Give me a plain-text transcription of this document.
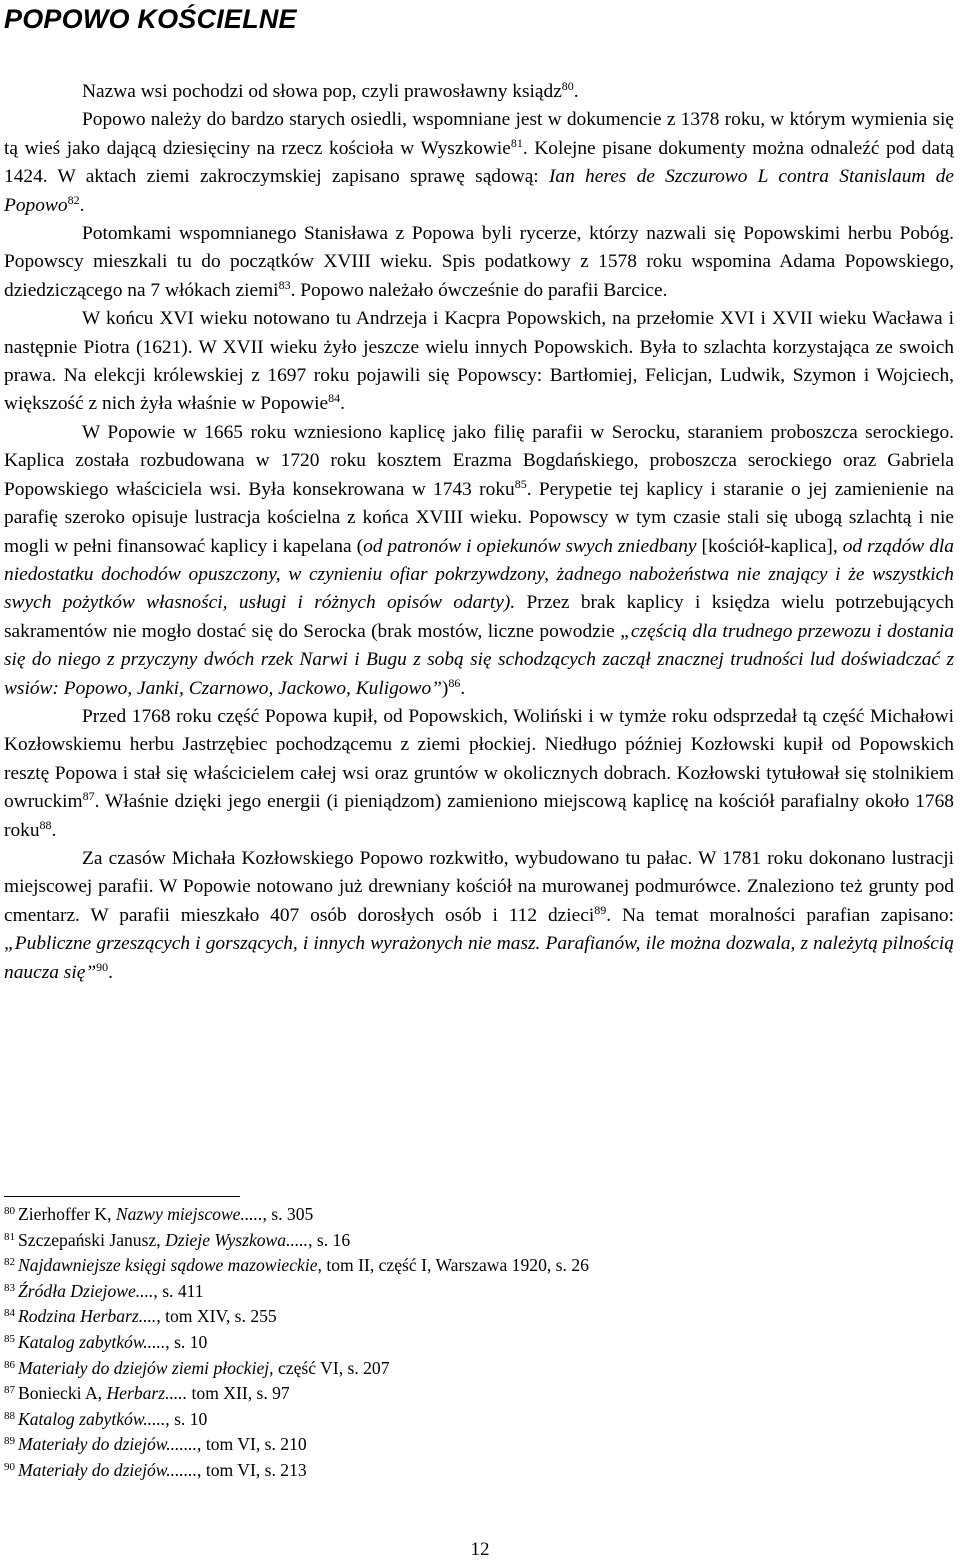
POPOWO KOŚCIELNE

Nazwa wsi pochodzi od słowa pop, czyli prawosławny ksiądz$^{80}$.

Popowo należy do bardzo starych osiedli, wspomniane jest w dokumencie z 1378 roku, w którym wymienia się tą wieś jako dającą dziesięciny na rzecz kościoła w Wyszkowie$^{81}$. Kolejne pisane dokumenty można odnaleźć pod datą 1424. W aktach ziemi zakroczymskiej zapisano sprawę sądową: Ian heres de Szczurowo L contra Stanislaum de Popowo$^{82}$.

Potomkami wspomnianego Stanisława z Popowa byli rycerze, którzy nazwali się Popowskimi herbu Pobóg. Popowscy mieszkali tu do początków XVIII wieku. Spis podatkowy z 1578 roku wspomina Adama Popowskiego, dziedziczącego na 7 włókach ziemi$^{83}$. Popowo należało ówcześnie do parafii Barcice.

W końcu XVI wieku notowano tu Andrzeja i Kacpra Popowskich, na przełomie XVI i XVII wieku Wacława i następnie Piotra (1621). W XVII wieku żyło jeszcze wielu innych Popowskich. Była to szlachta korzystająca ze swoich prawa. Na elekcji królewskiej z 1697 roku pojawili się Popowscy: Bartłomiej, Felicjan, Ludwik, Szymon i Wojciech, większość z nich żyła właśnie w Popowie$^{84}$.

W Popowie w 1665 roku wzniesiono kaplicę jako filię parafii w Serocku, staraniem proboszcza serockiego. Kaplica została rozbudowana w 1720 roku kosztem Erazma Bogdańskiego, proboszcza serockiego oraz Gabriela Popowskiego właściciela wsi. Była konsekrowana w 1743 roku$^{85}$. Perypetie tej kaplicy i staranie o jej zamienienie na parafię szeroko opisuje lustracja kościelna z końca XVIII wieku. Popowscy w tym czasie stali się ubogą szlachtą i nie mogli w pełni finansować kaplicy i kapelana (od patronów i opiekunów swych zniedbany [kościół-kaplica], od rządów dla niedostatku dochodów opuszczony, w czynieniu ofiar pokrzywdzony, żadnego nabożeństwa nie znający i że wszystkich swych pożytków własności, usługi i różnych opisów odarty). Przez brak kaplicy i księdza wielu potrzebujących sakramentów nie mogło dostać się do Serocka (brak mostów, liczne powodzie „częścią dla trudnego przewozu i dostania się do niego z przyczyny dwóch rzek Narwi i Bugu z sobą się schodzących zaczął znacznej trudności lud doświadczać z wsiów: Popowo, Janki, Czarnowo, Jackowo, Kuligowo”)$^{86}$.

Przed 1768 roku część Popowa kupił, od Popowskich, Woliński i w tymże roku odsprzedał tą część Michałowi Kozłowskiemu herbu Jastrzębiec pochodzącemu z ziemi płockiej. Niedługo później Kozłowski kupił od Popowskich resztę Popowa i stał się właścicielem całej wsi oraz gruntów w okolicznych dobrach. Kozłowski tytułował się stolnikiem owruckim$^{87}$. Właśnie dzięki jego energii (i pieniądzom) zamieniono miejscową kaplicę na kościół parafialny około 1768 roku$^{88}$.

Za czasów Michała Kozłowskiego Popowo rozkwitło, wybudowano tu pałac. W 1781 roku dokonano lustracji miejscowej parafii. W Popowie notowano już drewniany kościół na murowanej podmurówce. Znaleziono też grunty pod cmentarz. W parafii mieszkało 407 osób dorosłych osób i 112 dzieci$^{89}$. Na temat moralności parafian zapisano: „Publiczne grzeszących i gorszących, i innych wyrażonych nie masz. Parafianów, ile można dozwala, z należytą pilnością naucza się”$^{90}$.

$^{80}$ Zierhoffer K, Nazwy miejscowe....., s. 305
$^{81}$ Szczepański Janusz, Dzieje Wyszkowa....., s. 16
$^{82}$ Najdawniejsze księgi sądowe mazowieckie, tom II, część I, Warszawa 1920, s. 26
$^{83}$ Źródła Dziejowe...., s. 411
$^{84}$ Rodzina Herbarz...., tom XIV, s. 255
$^{85}$ Katalog zabytków....., s. 10
$^{86}$ Materiały do dziejów ziemi płockiej, część VI, s. 207
$^{87}$ Boniecki A, Herbarz..... tom XII, s. 97
$^{88}$ Katalog zabytków....., s. 10
$^{89}$ Materiały do dziejów......., tom VI, s. 210
$^{90}$ Materiały do dziejów......., tom VI, s. 213
12
